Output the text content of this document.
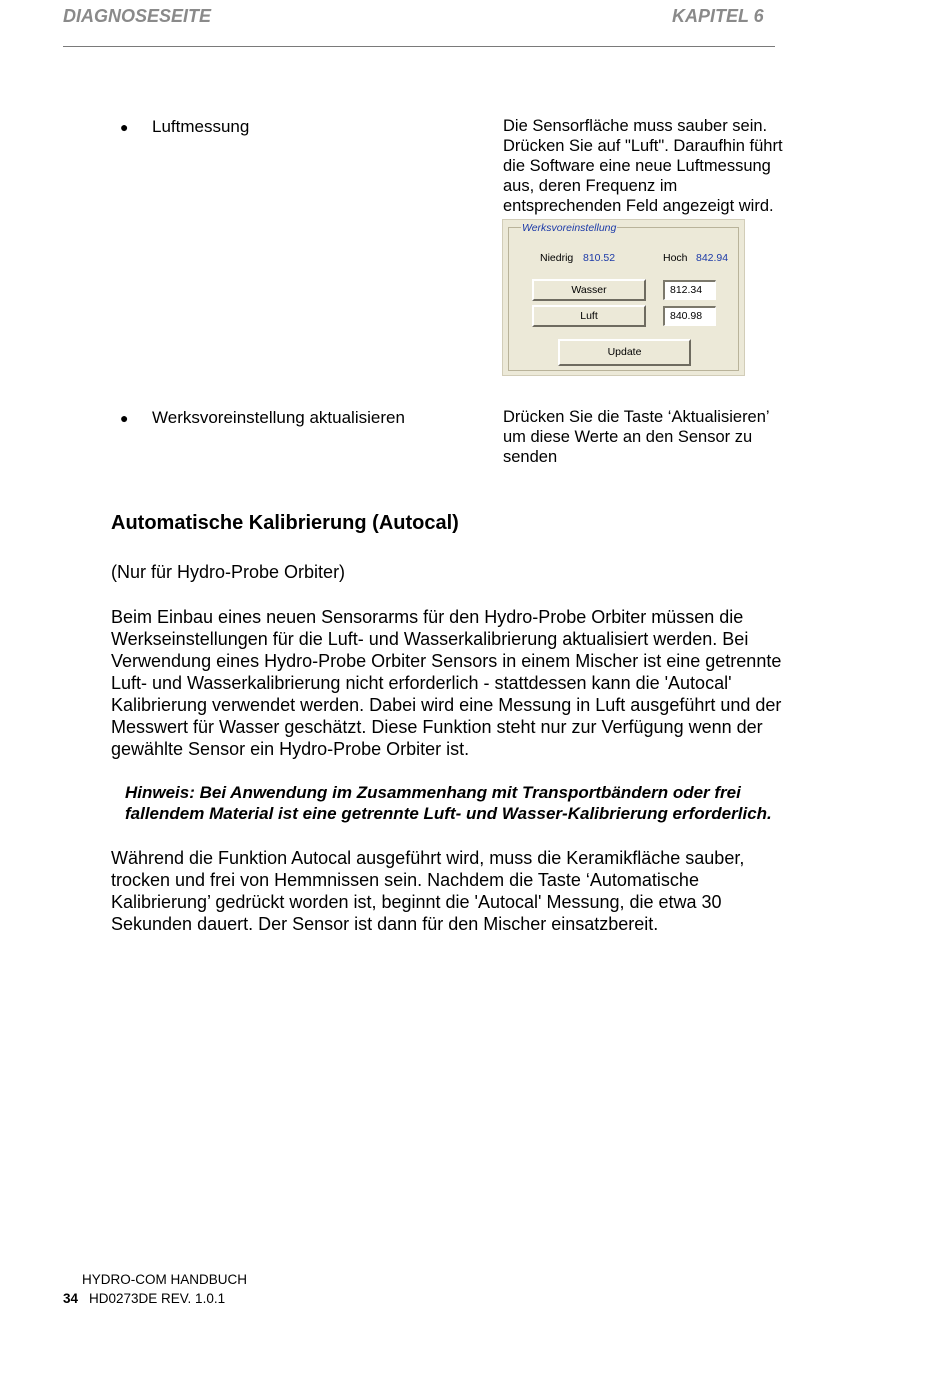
DIAGNOSESEITE	KAPITEL 6
● Luftmessung	Die Sensorfläche muss sauber sein.
Drücken Sie auf "Luft". Daraufhin führt
die Software eine neue Luftmessung
aus, deren Frequenz im
entsprechenden Feld angezeigt wird.
Werksvoreinstellung
Niedrig 810.52	Hoch 842.94
Wasser	812.34
Luft	840.98
Update
● Werksvoreinstellung aktualisieren	Drücken Sie die Taste ‘Aktualisieren’
um diese Werte an den Sensor zu
senden
Automatische Kalibrierung (Autocal)
(Nur für Hydro-Probe Orbiter)
Beim Einbau eines neuen Sensorarms für den Hydro-Probe Orbiter müssen die
Werkseinstellungen für die Luft- und Wasserkalibrierung aktualisiert werden. Bei
Verwendung eines Hydro-Probe Orbiter Sensors in einem Mischer ist eine getrennte
Luft- und Wasserkalibrierung nicht erforderlich - stattdessen kann die 'Autocal'
Kalibrierung verwendet werden. Dabei wird eine Messung in Luft ausgeführt und der
Messwert für Wasser geschätzt. Diese Funktion steht nur zur Verfügung wenn der
gewählte Sensor ein Hydro-Probe Orbiter ist.
Hinweis: Bei Anwendung im Zusammenhang mit Transportbändern oder frei
fallendem Material ist eine getrennte Luft- und Wasser-Kalibrierung erforderlich.
Während die Funktion Autocal ausgeführt wird, muss die Keramikfläche sauber,
trocken und frei von Hemmnissen sein. Nachdem die Taste ‘Automatische
Kalibrierung’ gedrückt worden ist, beginnt die 'Autocal' Messung, die etwa 30
Sekunden dauert. Der Sensor ist dann für den Mischer einsatzbereit.
HYDRO-COM HANDBUCH
34 HD0273DE REV. 1.0.1
